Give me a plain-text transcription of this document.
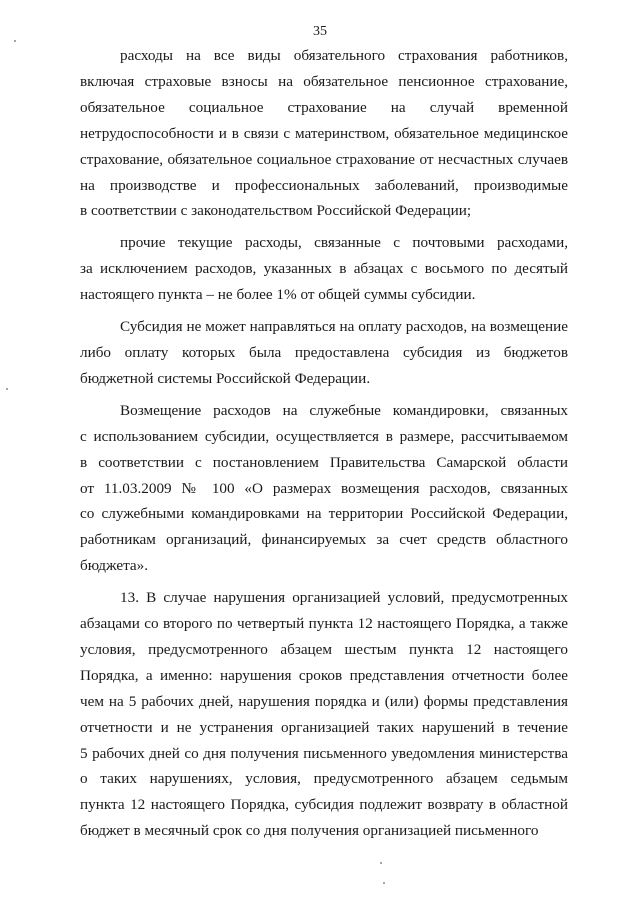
35
расходы на все виды обязательного страхования работников,
включая страховые взносы на обязательное пенсионное страхование,
обязательное социальное страхование на случай временной
нетрудоспособности и в связи с материнством, обязательное медицинское
страхование, обязательное социальное страхование от несчастных случаев
на производстве и профессиональных заболеваний, производимые
в соответствии с законодательством Российской Федерации;
прочие текущие расходы, связанные с почтовыми расходами,
за исключением расходов, указанных в абзацах с восьмого по десятый
настоящего пункта – не более 1% от общей суммы субсидии.
Субсидия не может направляться на оплату расходов, на возмещение
либо оплату которых была предоставлена субсидия из бюджетов
бюджетной системы Российской Федерации.
Возмещение расходов на служебные командировки, связанных
с использованием субсидии, осуществляется в размере, рассчитываемом
в соответствии с постановлением Правительства Самарской области
от 11.03.2009 № 100 «О размерах возмещения расходов, связанных
со служебными командировками на территории Российской Федерации,
работникам организаций, финансируемых за счет средств областного
бюджета».
13. В случае нарушения организацией условий, предусмотренных
абзацами со второго по четвертый пункта 12 настоящего Порядка, а также
условия, предусмотренного абзацем шестым пункта 12 настоящего
Порядка, а именно: нарушения сроков представления отчетности более
чем на 5 рабочих дней, нарушения порядка и (или) формы представления
отчетности и не устранения организацией таких нарушений в течение
5 рабочих дней со дня получения письменного уведомления министерства
о таких нарушениях, условия, предусмотренного абзацем седьмым
пункта 12 настоящего Порядка, субсидия подлежит возврату в областной
бюджет в месячный срок со дня получения организацией письменного
